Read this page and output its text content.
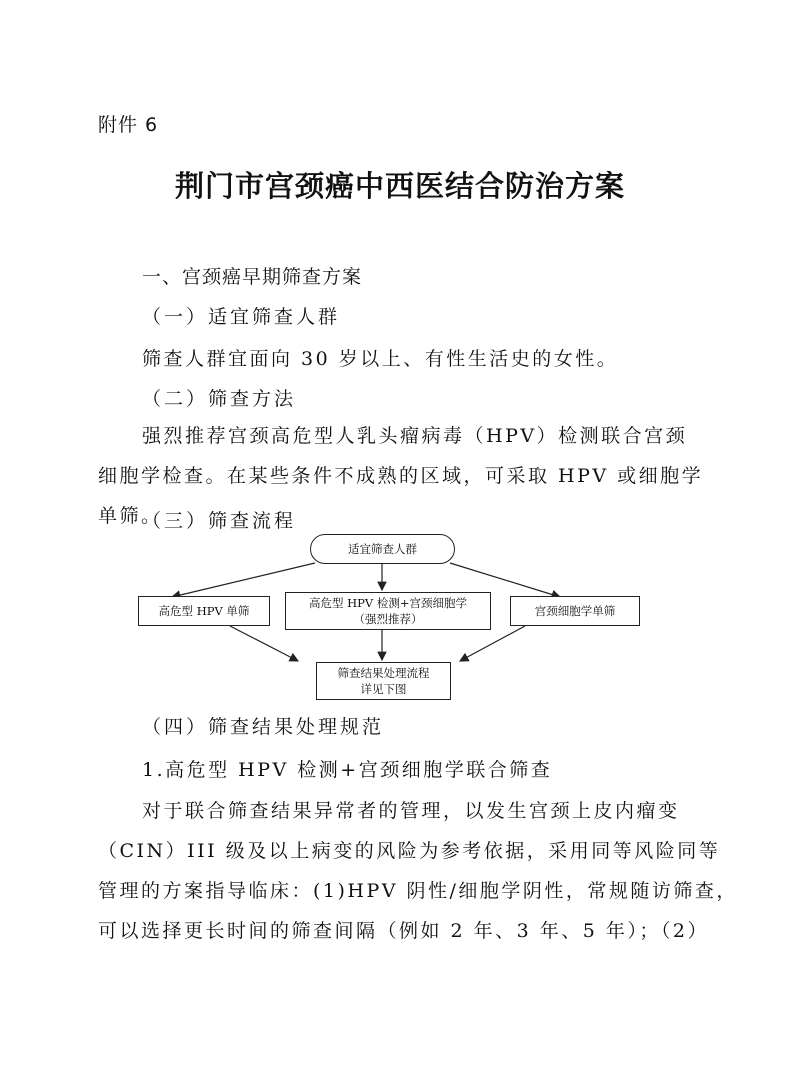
附件 6
荆门市宫颈癌中西医结合防治方案
一、宫颈癌早期筛查方案
（一）适宜筛查人群
筛查人群宜面向 30 岁以上、有性生活史的女性。
（二）筛查方法
强烈推荐宫颈高危型人乳头瘤病毒（HPV）检测联合宫颈细胞学检查。在某些条件不成熟的区域，可采取 HPV 或细胞学单筛。
（三）筛查流程
适宜筛查人群
高危型 HPV 单筛
高危型 HPV 检测+宫颈细胞学
（强烈推荐）
宫颈细胞学单筛
筛查结果处理流程
详见下图
（四）筛查结果处理规范
1.高危型 HPV 检测+宫颈细胞学联合筛查
对于联合筛查结果异常者的管理，以发生宫颈上皮内瘤变
（CIN）III 级及以上病变的风险为参考依据，采用同等风险同等
管理的方案指导临床：(1)HPV 阴性/细胞学阴性，常规随访筛查，
可以选择更长时间的筛查间隔（例如 2 年、3 年、5 年）；（2）
